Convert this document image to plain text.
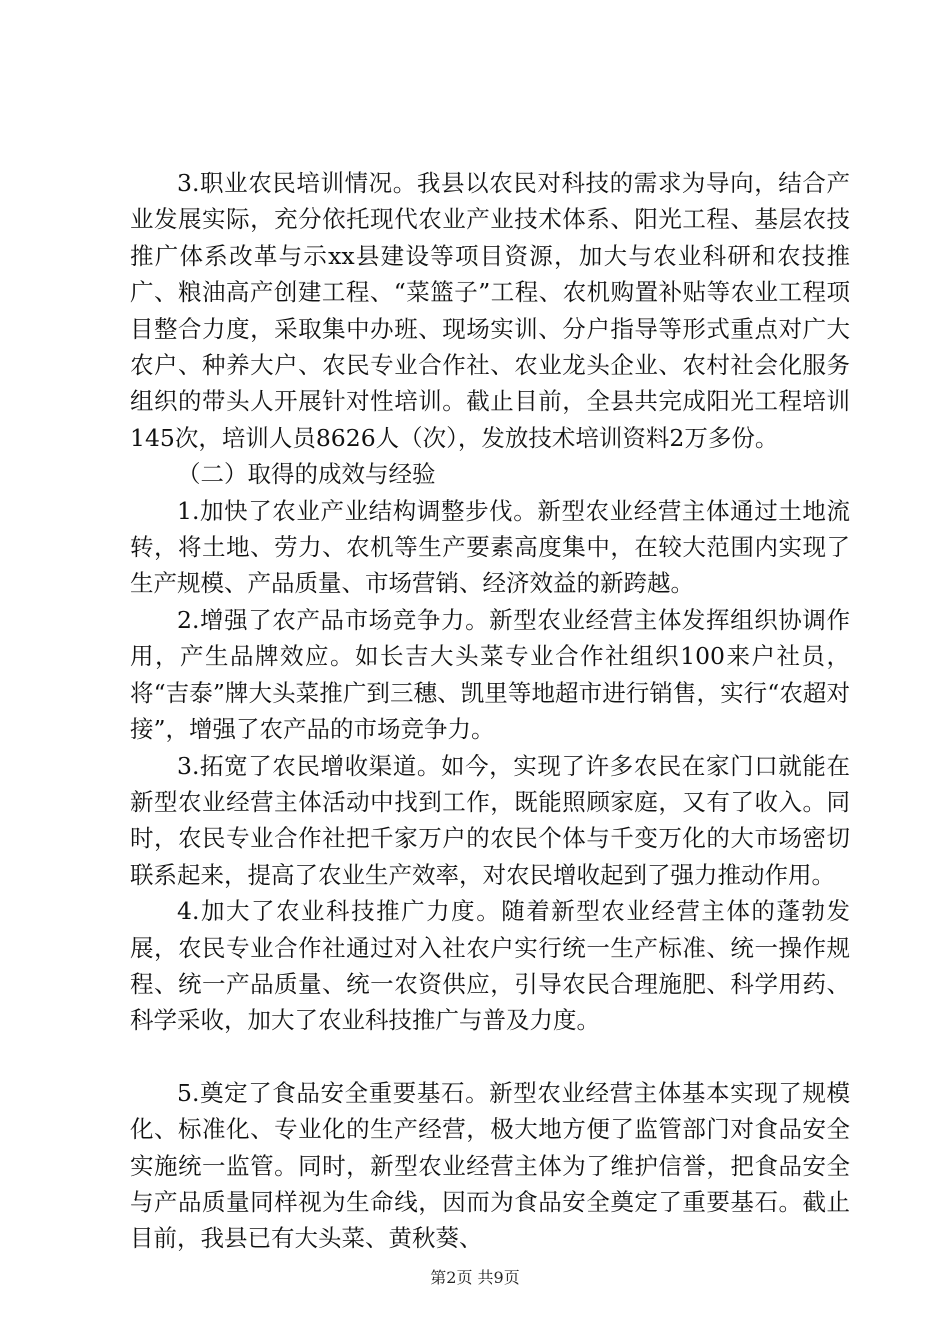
3.职业农民培训情况。我县以农民对科技的需求为导向，结合产业发展实际，充分依托现代农业产业技术体系、阳光工程、基层农技推广体系改革与示xx县建设等项目资源，加大与农业科研和农技推广、粮油高产创建工程、“菜篮子”工程、农机购置补贴等农业工程项目整合力度，采取集中办班、现场实训、分户指导等形式重点对广大农户、种养大户、农民专业合作社、农业龙头企业、农村社会化服务组织的带头人开展针对性培训。截止目前，全县共完成阳光工程培训145次，培训人员8626人（次），发放技术培训资料2万多份。

（二）取得的成效与经验

1.加快了农业产业结构调整步伐。新型农业经营主体通过土地流转，将土地、劳力、农机等生产要素高度集中，在较大范围内实现了生产规模、产品质量、市场营销、经济效益的新跨越。

2.增强了农产品市场竞争力。新型农业经营主体发挥组织协调作用，产生品牌效应。如长吉大头菜专业合作社组织100来户社员，将“吉泰”牌大头菜推广到三穗、凯里等地超市进行销售，实行“农超对接”，增强了农产品的市场竞争力。

3.拓宽了农民增收渠道。如今，实现了许多农民在家门口就能在新型农业经营主体活动中找到工作，既能照顾家庭，又有了收入。同时，农民专业合作社把千家万户的农民个体与千变万化的大市场密切联系起来，提高了农业生产效率，对农民增收起到了强力推动作用。

4.加大了农业科技推广力度。随着新型农业经营主体的蓬勃发展，农民专业合作社通过对入社农户实行统一生产标准、统一操作规程、统一产品质量、统一农资供应，引导农民合理施肥、科学用药、科学采收，加大了农业科技推广与普及力度。

5.奠定了食品安全重要基石。新型农业经营主体基本实现了规模化、标准化、专业化的生产经营，极大地方便了监管部门对食品安全实施统一监管。同时，新型农业经营主体为了维护信誉，把食品安全与产品质量同样视为生命线，因而为食品安全奠定了重要基石。截止目前，我县已有大头菜、黄秋葵、

第2页 共9页
